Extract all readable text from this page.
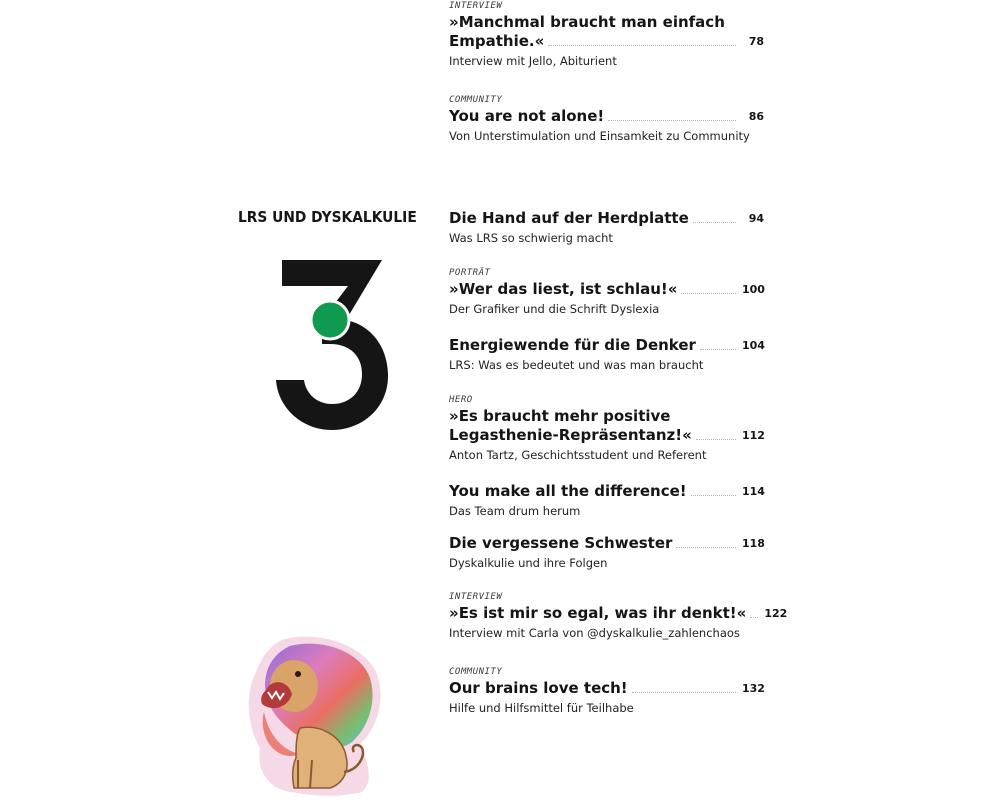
LRS UND DYSKALKULIE
INTERVIEW
»Manchmal braucht man einfach
Empathie.«	78
Interview mit Jello, Abiturient
COMMUNITY
You are not alone!	86
Von Unterstimulation und Einsamkeit zu Community
Die Hand auf der Herdplatte	94
Was LRS so schwierig macht
PORTRÄT
»Wer das liest, ist schlau!«	100
Der Grafiker und die Schrift Dyslexia
Energiewende für die Denker	104
LRS: Was es bedeutet und was man braucht
HERO
»Es braucht mehr positive
Legasthenie-Repräsentanz!«	112
Anton Tartz, Geschichtsstudent und Referent
You make all the difference!	114
Das Team drum herum
Die vergessene Schwester	118
Dyskalkulie und ihre Folgen
INTERVIEW
»Es ist mir so egal, was ihr denkt!« 122
Interview mit Carla von @dyskalkulie_zahlenchaos
COMMUNITY
Our brains love tech!	132
Hilfe und Hilfsmittel für Teilhabe
